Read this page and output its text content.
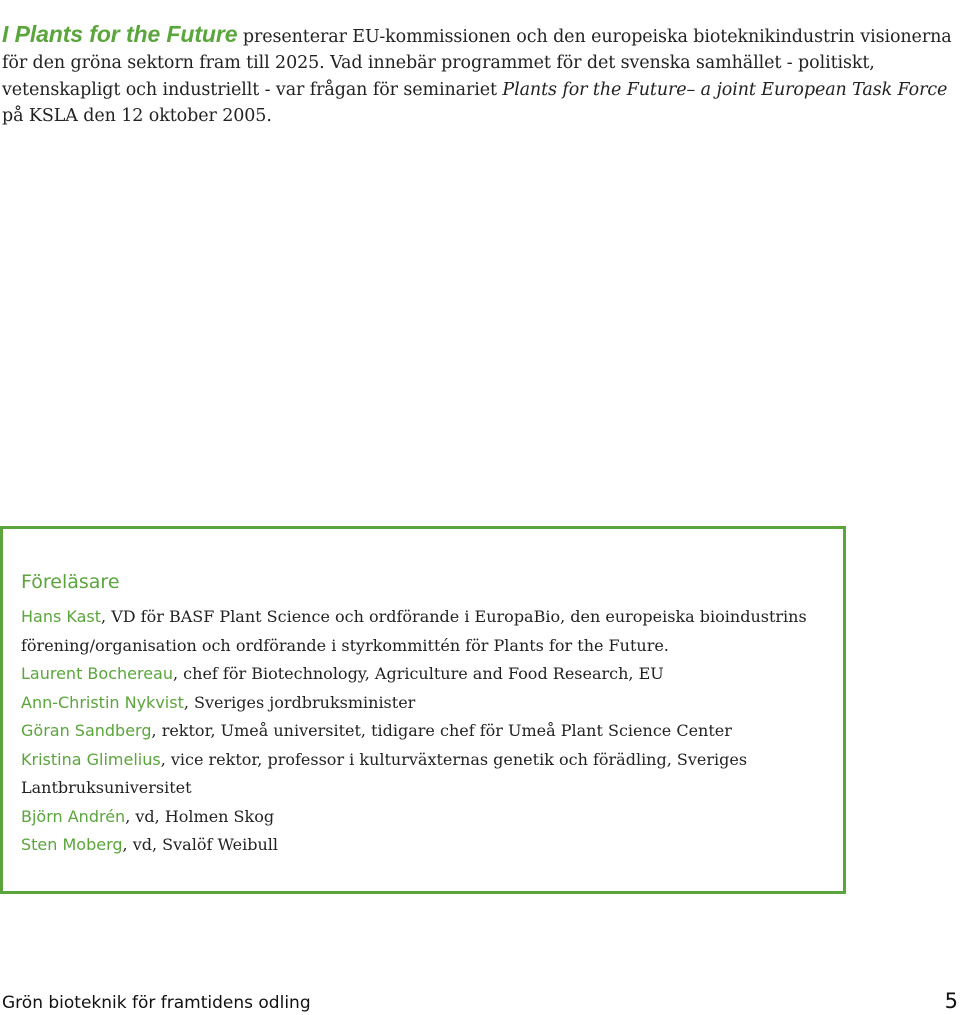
I Plants for the Future presenterar EU-kommissionen och den europeiska bioteknikindustrin visionerna för den gröna sektorn fram till 2025. Vad innebär programmet för det svenska samhället - politiskt, vetenskapligt och industriellt - var frågan för seminariet Plants for the Future– a joint European Task Force på KSLA den 12 oktober 2005.

Föreläsare
Hans Kast, VD för BASF Plant Science och ordförande i EuropaBio, den europeiska bioindustrins förening/organisation och ordförande i styrkommittén för Plants for the Future.
Laurent Bochereau, chef för Biotechnology, Agriculture and Food Research, EU
Ann-Christin Nykvist, Sveriges jordbruksminister
Göran Sandberg, rektor, Umeå universitet, tidigare chef för Umeå Plant Science Center
Kristina Glimelius, vice rektor, professor i kulturväxternas genetik och förädling, Sveriges Lantbruksuniversitet
Björn Andrén, vd, Holmen Skog
Sten Moberg, vd, Svalöf Weibull
Grön bioteknik för framtidens odling	5
